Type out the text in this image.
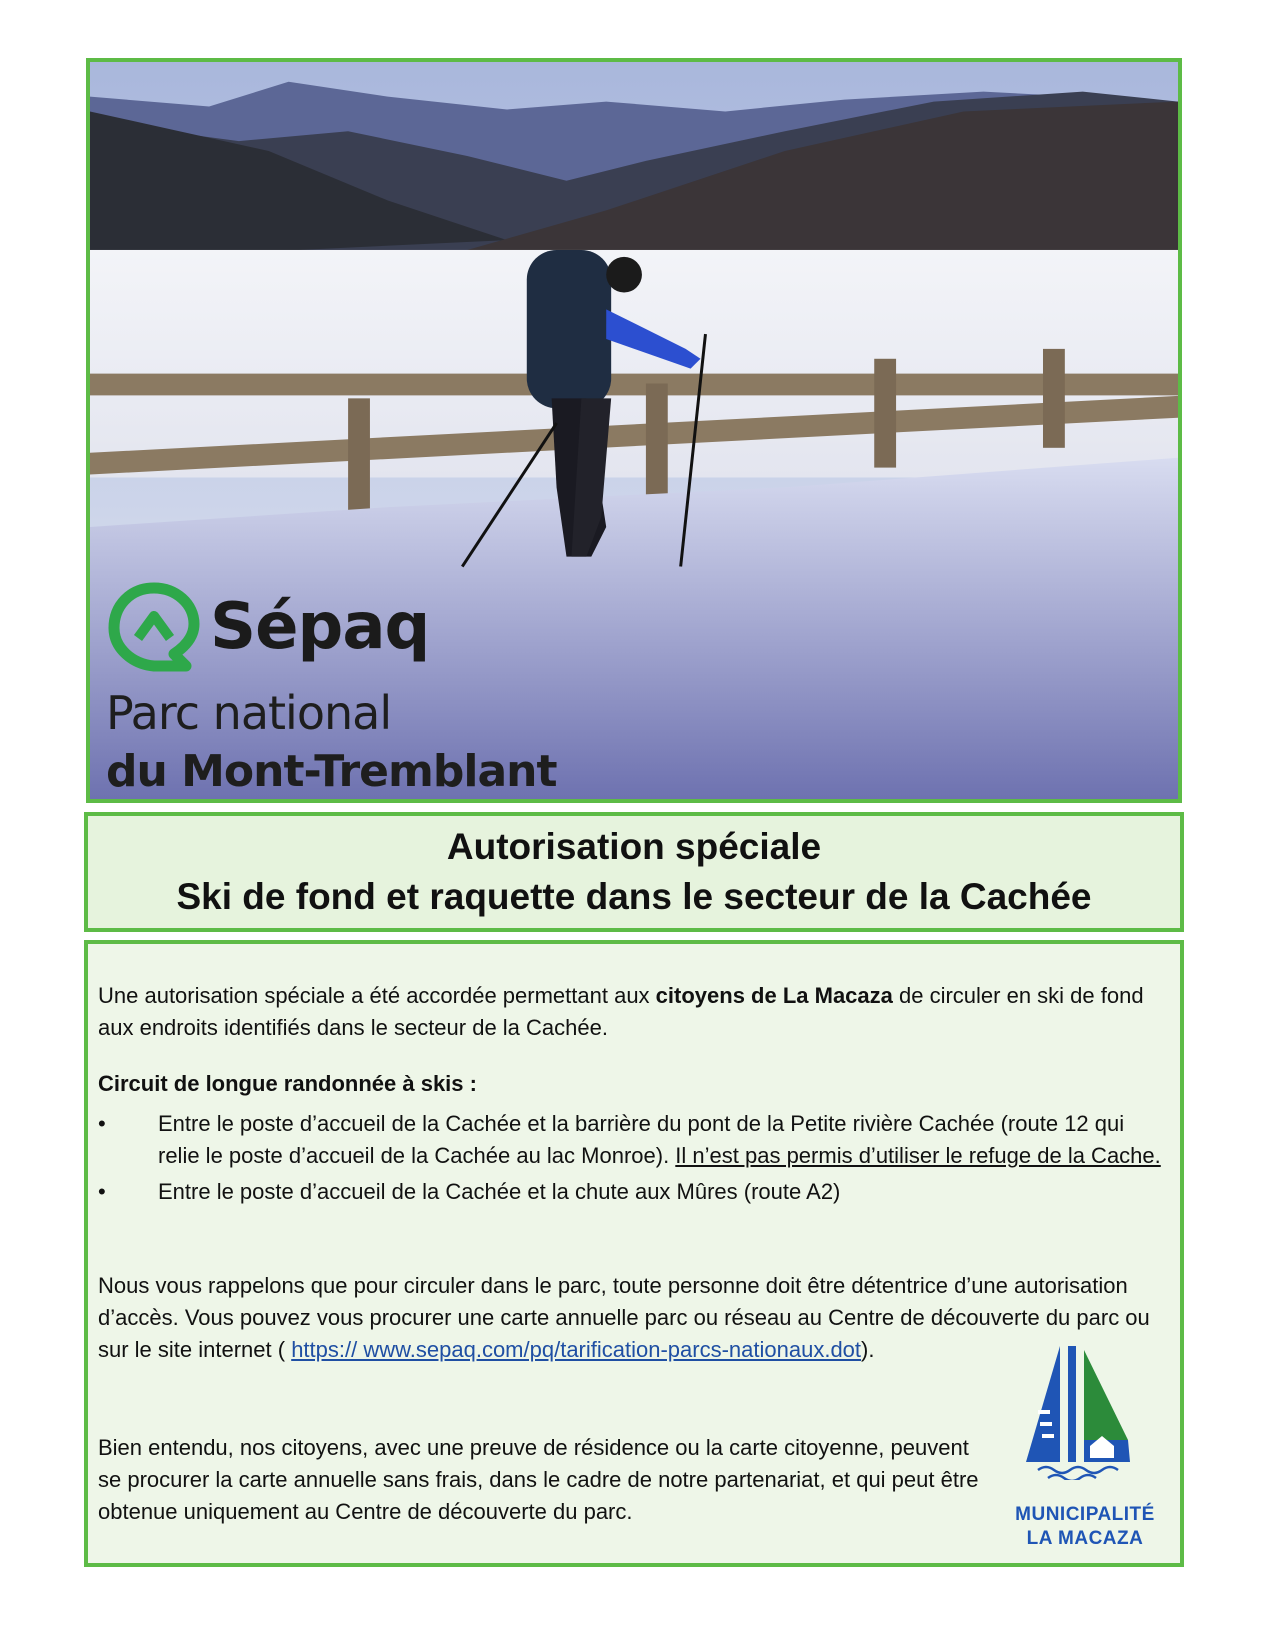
Sépaq
Parc national
du Mont-Tremblant
Autorisation spéciale
Ski de fond et raquette dans le secteur de la Cachée

Une autorisation spéciale a été accordée permettant aux citoyens de La Macaza de circuler en ski de fond aux endroits identifiés dans le secteur de la Cachée.

Circuit de longue randonnée à skis :

• Entre le poste d’accueil de la Cachée et la barrière du pont de la Petite rivière Cachée (route 12 qui relie le poste d’accueil de la Cachée au lac Monroe). Il n’est pas permis d’utiliser le refuge de la Cache.
• Entre le poste d’accueil de la Cachée et la chute aux Mûres (route A2)

Nous vous rappelons que pour circuler dans le parc, toute personne doit être détentrice d’une autorisation d’accès. Vous pouvez vous procurer une carte annuelle parc ou réseau au Centre de découverte du parc ou sur le site internet ( https:// www.sepaq.com/pq/tarification-parcs-nationaux.dot).

Bien entendu, nos citoyens, avec une preuve de résidence ou la carte citoyenne, peuvent se procurer la carte annuelle sans frais, dans le cadre de notre partenariat, et qui peut être obtenue uniquement au Centre de découverte du parc.	MUNICIPALITÉ
LA MACAZA
